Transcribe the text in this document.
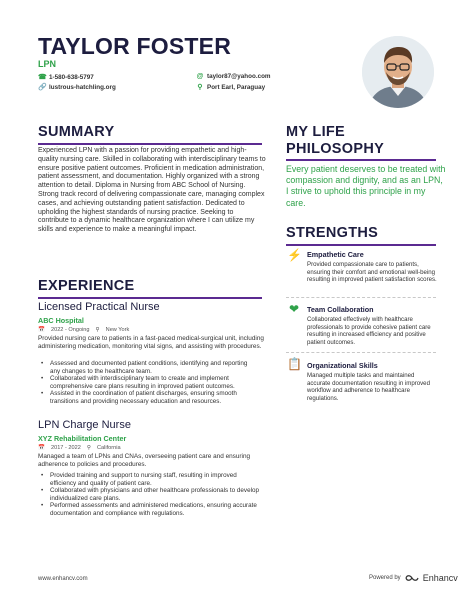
TAYLOR FOSTER
LPN
☎ 1-580-638-5797
🔗 lustrous-hatchling.org
@ taylor87@yahoo.com
⚲ Port Earl, Paraguay
SUMMARY

Experienced LPN with a passion for providing empathetic and high-quality nursing care. Skilled in collaborating with interdisciplinary teams to ensure positive patient outcomes. Proficient in medication administration, patient assessment, and documentation. Highly organized with a strong attention to detail. Diploma in Nursing from ABC School of Nursing. Strong track record of delivering compassionate care, managing complex cases, and achieving outstanding patient satisfaction. Dedicated to upholding the highest standards of nursing practice. Seeking to contribute to a dynamic healthcare organization where I can utilize my skills and experience to make a meaningful impact.

EXPERIENCE
Licensed Practical Nurse
ABC Hospital
📅 2022 - Ongoing ⚲ New York

Provided nursing care to patients in a fast-paced medical-surgical unit, including administering medication, monitoring vital signs, and assisting with procedures.

• Assessed and documented patient conditions, identifying and reporting any changes to the healthcare team.
• Collaborated with interdisciplinary team to create and implement comprehensive care plans resulting in improved patient outcomes.
• Assisted in the coordination of patient discharges, ensuring smooth transitions and providing necessary education and resources.
LPN Charge Nurse
XYZ Rehabilitation Center
📅 2017 - 2022 ⚲ California

Managed a team of LPNs and CNAs, overseeing patient care and ensuring adherence to policies and procedures.

• Provided training and support to nursing staff, resulting in improved efficiency and quality of patient care.
• Collaborated with physicians and other healthcare professionals to develop individualized care plans.
• Performed assessments and administered medications, ensuring accurate documentation and compliance with regulations.
MY LIFE
PHILOSOPHY

Every patient deserves to be treated with compassion and dignity, and as an LPN, I strive to uphold this principle in my care.

STRENGTHS
⚡ Empathetic Care

Provided compassionate care to patients, ensuring their comfort and emotional well-being resulting in improved patient satisfaction scores.

❤ Team Collaboration

Collaborated effectively with healthcare professionals to provide cohesive patient care resulting in increased efficiency and positive patient outcomes.

📋 Organizational Skills

Managed multiple tasks and maintained accurate documentation resulting in improved workflow and adherence to healthcare regulations.

www.enhancv.com	Powered by Enhancv
